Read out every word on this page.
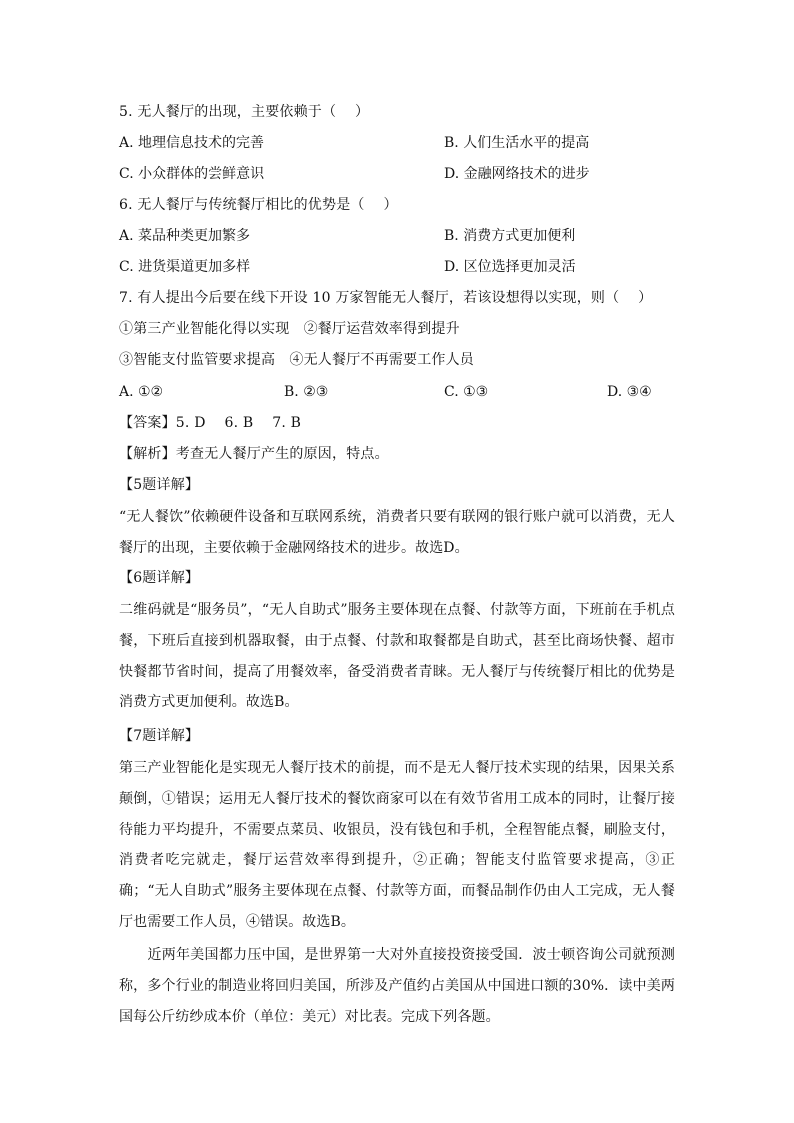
5. 无人餐厅的出现，主要依赖于（　 ）
A. 地理信息技术的完善	B. 人们生活水平的提高
C. 小众群体的尝鲜意识	D. 金融网络技术的进步
6. 无人餐厅与传统餐厅相比的优势是（　 ）
A. 菜品种类更加繁多	B. 消费方式更加便利
C. 进货渠道更加多样	D. 区位选择更加灵活
7. 有人提出今后要在线下开设 10 万家智能无人餐厅，若该设想得以实现，则（　 ）
①第三产业智能化得以实现　②餐厅运营效率得到提升
③智能支付监管要求提高　④无人餐厅不再需要工作人员
A. ①②	B. ②③	C. ①③	D. ③④
【答案】5. D　 6. B　 7. B
【解析】考查无人餐厅产生的原因，特点。
【5题详解】
“无人餐饮”依赖硬件设备和互联网系统，消费者只要有联网的银行账户就可以消费，无人餐厅的出现，主要依赖于金融网络技术的进步。故选D。
【6题详解】
二维码就是“服务员”，“无人自助式”服务主要体现在点餐、付款等方面，下班前在手机点餐，下班后直接到机器取餐，由于点餐、付款和取餐都是自助式，甚至比商场快餐、超市快餐都节省时间，提高了用餐效率，备受消费者青睐。无人餐厅与传统餐厅相比的优势是消费方式更加便利。故选B。
【7题详解】
第三产业智能化是实现无人餐厅技术的前提，而不是无人餐厅技术实现的结果，因果关系颠倒，①错误；运用无人餐厅技术的餐饮商家可以在有效节省用工成本的同时，让餐厅接待能力平均提升，不需要点菜员、收银员，没有钱包和手机，全程智能点餐，刷脸支付，消费者吃完就走，餐厅运营效率得到提升，②正确；智能支付监管要求提高，③正确；“无人自助式”服务主要体现在点餐、付款等方面，而餐品制作仍由人工完成，无人餐厅也需要工作人员，④错误。故选B。
　　近两年美国都力压中国，是世界第一大对外直接投资接受国．波士顿咨询公司就预测称，多个行业的制造业将回归美国，所涉及产值约占美国从中国进口额的30%．读中美两国每公斤纺纱成本价（单位：美元）对比表。完成下列各题。
